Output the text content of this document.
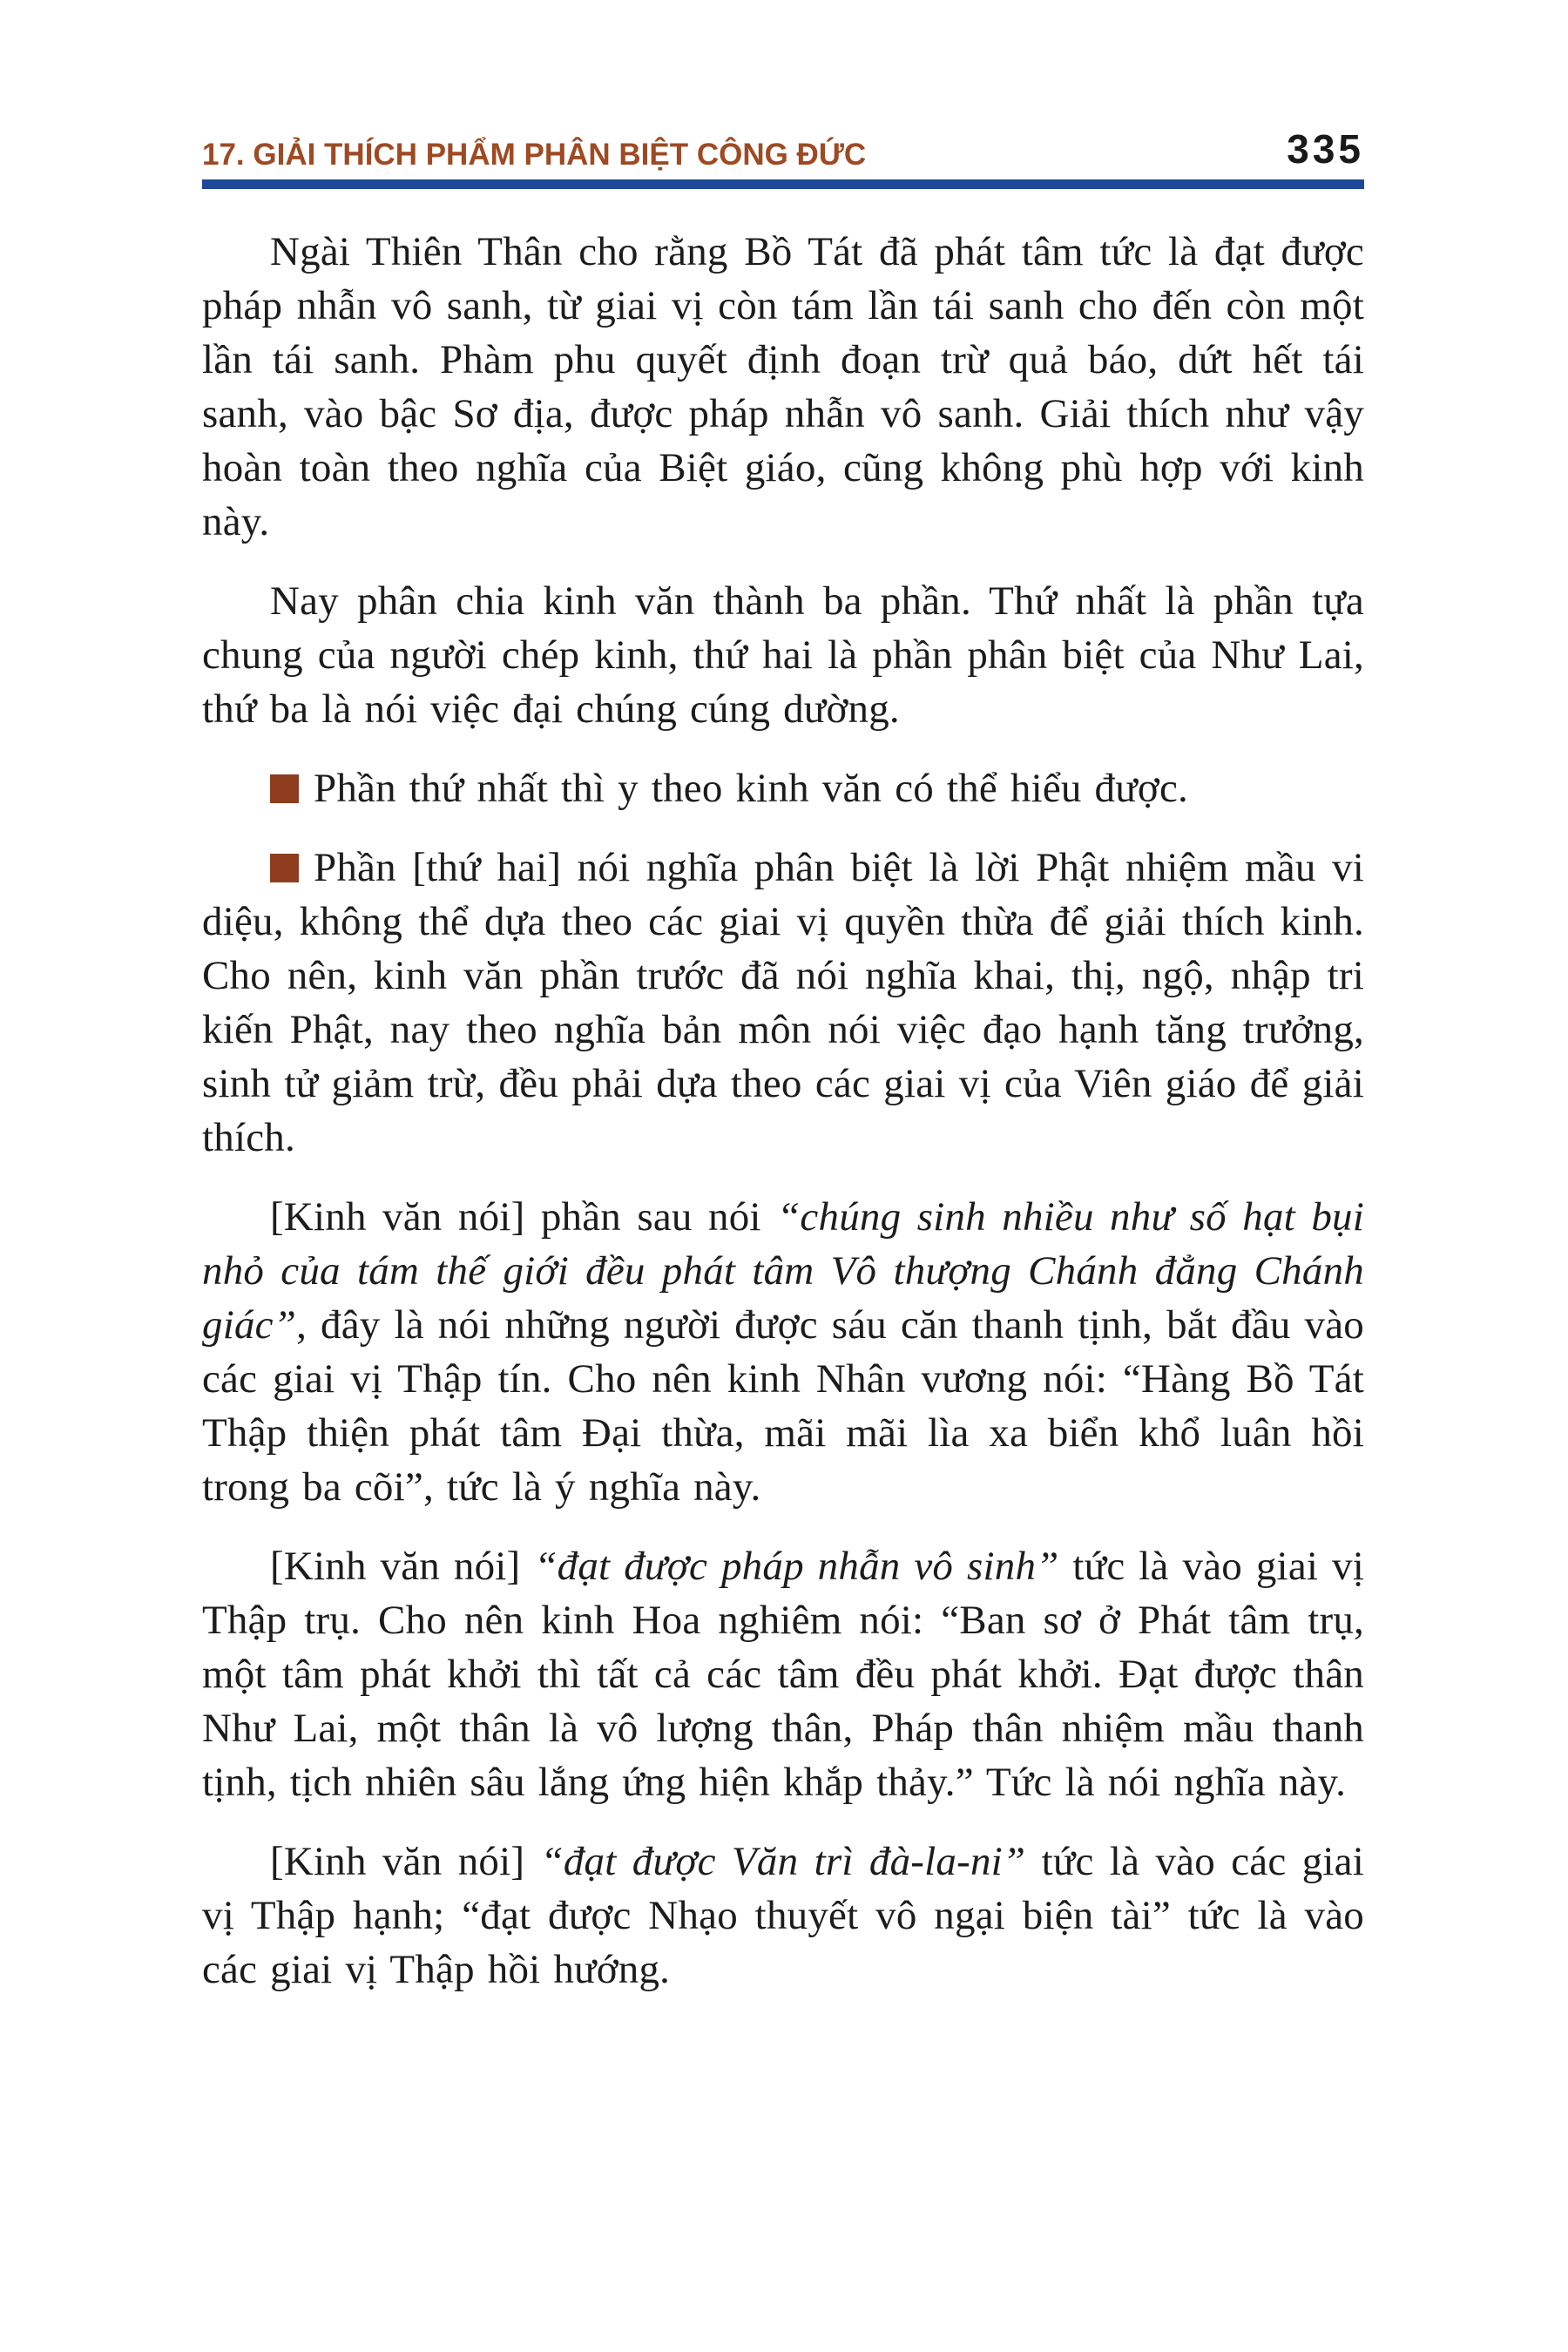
17. GIẢI THÍCH PHẨM PHÂN BIỆT CÔNG ĐỨC	335

Ngài Thiên Thân cho rằng Bồ Tát đã phát tâm tức là đạt được pháp nhẫn vô sanh, từ giai vị còn tám lần tái sanh cho đến còn một lần tái sanh. Phàm phu quyết định đoạn trừ quả báo, dứt hết tái sanh, vào bậc Sơ địa, được pháp nhẫn vô sanh. Giải thích như vậy hoàn toàn theo nghĩa của Biệt giáo, cũng không phù hợp với kinh này.

Nay phân chia kinh văn thành ba phần. Thứ nhất là phần tựa chung của người chép kinh, thứ hai là phần phân biệt của Như Lai, thứ ba là nói việc đại chúng cúng dường.

Phần thứ nhất thì y theo kinh văn có thể hiểu được.

Phần [thứ hai] nói nghĩa phân biệt là lời Phật nhiệm mầu vi diệu, không thể dựa theo các giai vị quyền thừa để giải thích kinh. Cho nên, kinh văn phần trước đã nói nghĩa khai, thị, ngộ, nhập tri kiến Phật, nay theo nghĩa bản môn nói việc đạo hạnh tăng trưởng, sinh tử giảm trừ, đều phải dựa theo các giai vị của Viên giáo để giải thích.

[Kinh văn nói] phần sau nói “chúng sinh nhiều như số hạt bụi nhỏ của tám thế giới đều phát tâm Vô thượng Chánh đẳng Chánh giác”, đây là nói những người được sáu căn thanh tịnh, bắt đầu vào các giai vị Thập tín. Cho nên kinh Nhân vương nói: “Hàng Bồ Tát Thập thiện phát tâm Đại thừa, mãi mãi lìa xa biển khổ luân hồi trong ba cõi”, tức là ý nghĩa này.

[Kinh văn nói] “đạt được pháp nhẫn vô sinh” tức là vào giai vị Thập trụ. Cho nên kinh Hoa nghiêm nói: “Ban sơ ở Phát tâm trụ, một tâm phát khởi thì tất cả các tâm đều phát khởi. Đạt được thân Như Lai, một thân là vô lượng thân, Pháp thân nhiệm mầu thanh tịnh, tịch nhiên sâu lắng ứng hiện khắp thảy.” Tức là nói nghĩa này.

[Kinh văn nói] “đạt được Văn trì đà-la-ni” tức là vào các giai vị Thập hạnh; “đạt được Nhạo thuyết vô ngại biện tài” tức là vào các giai vị Thập hồi hướng.
